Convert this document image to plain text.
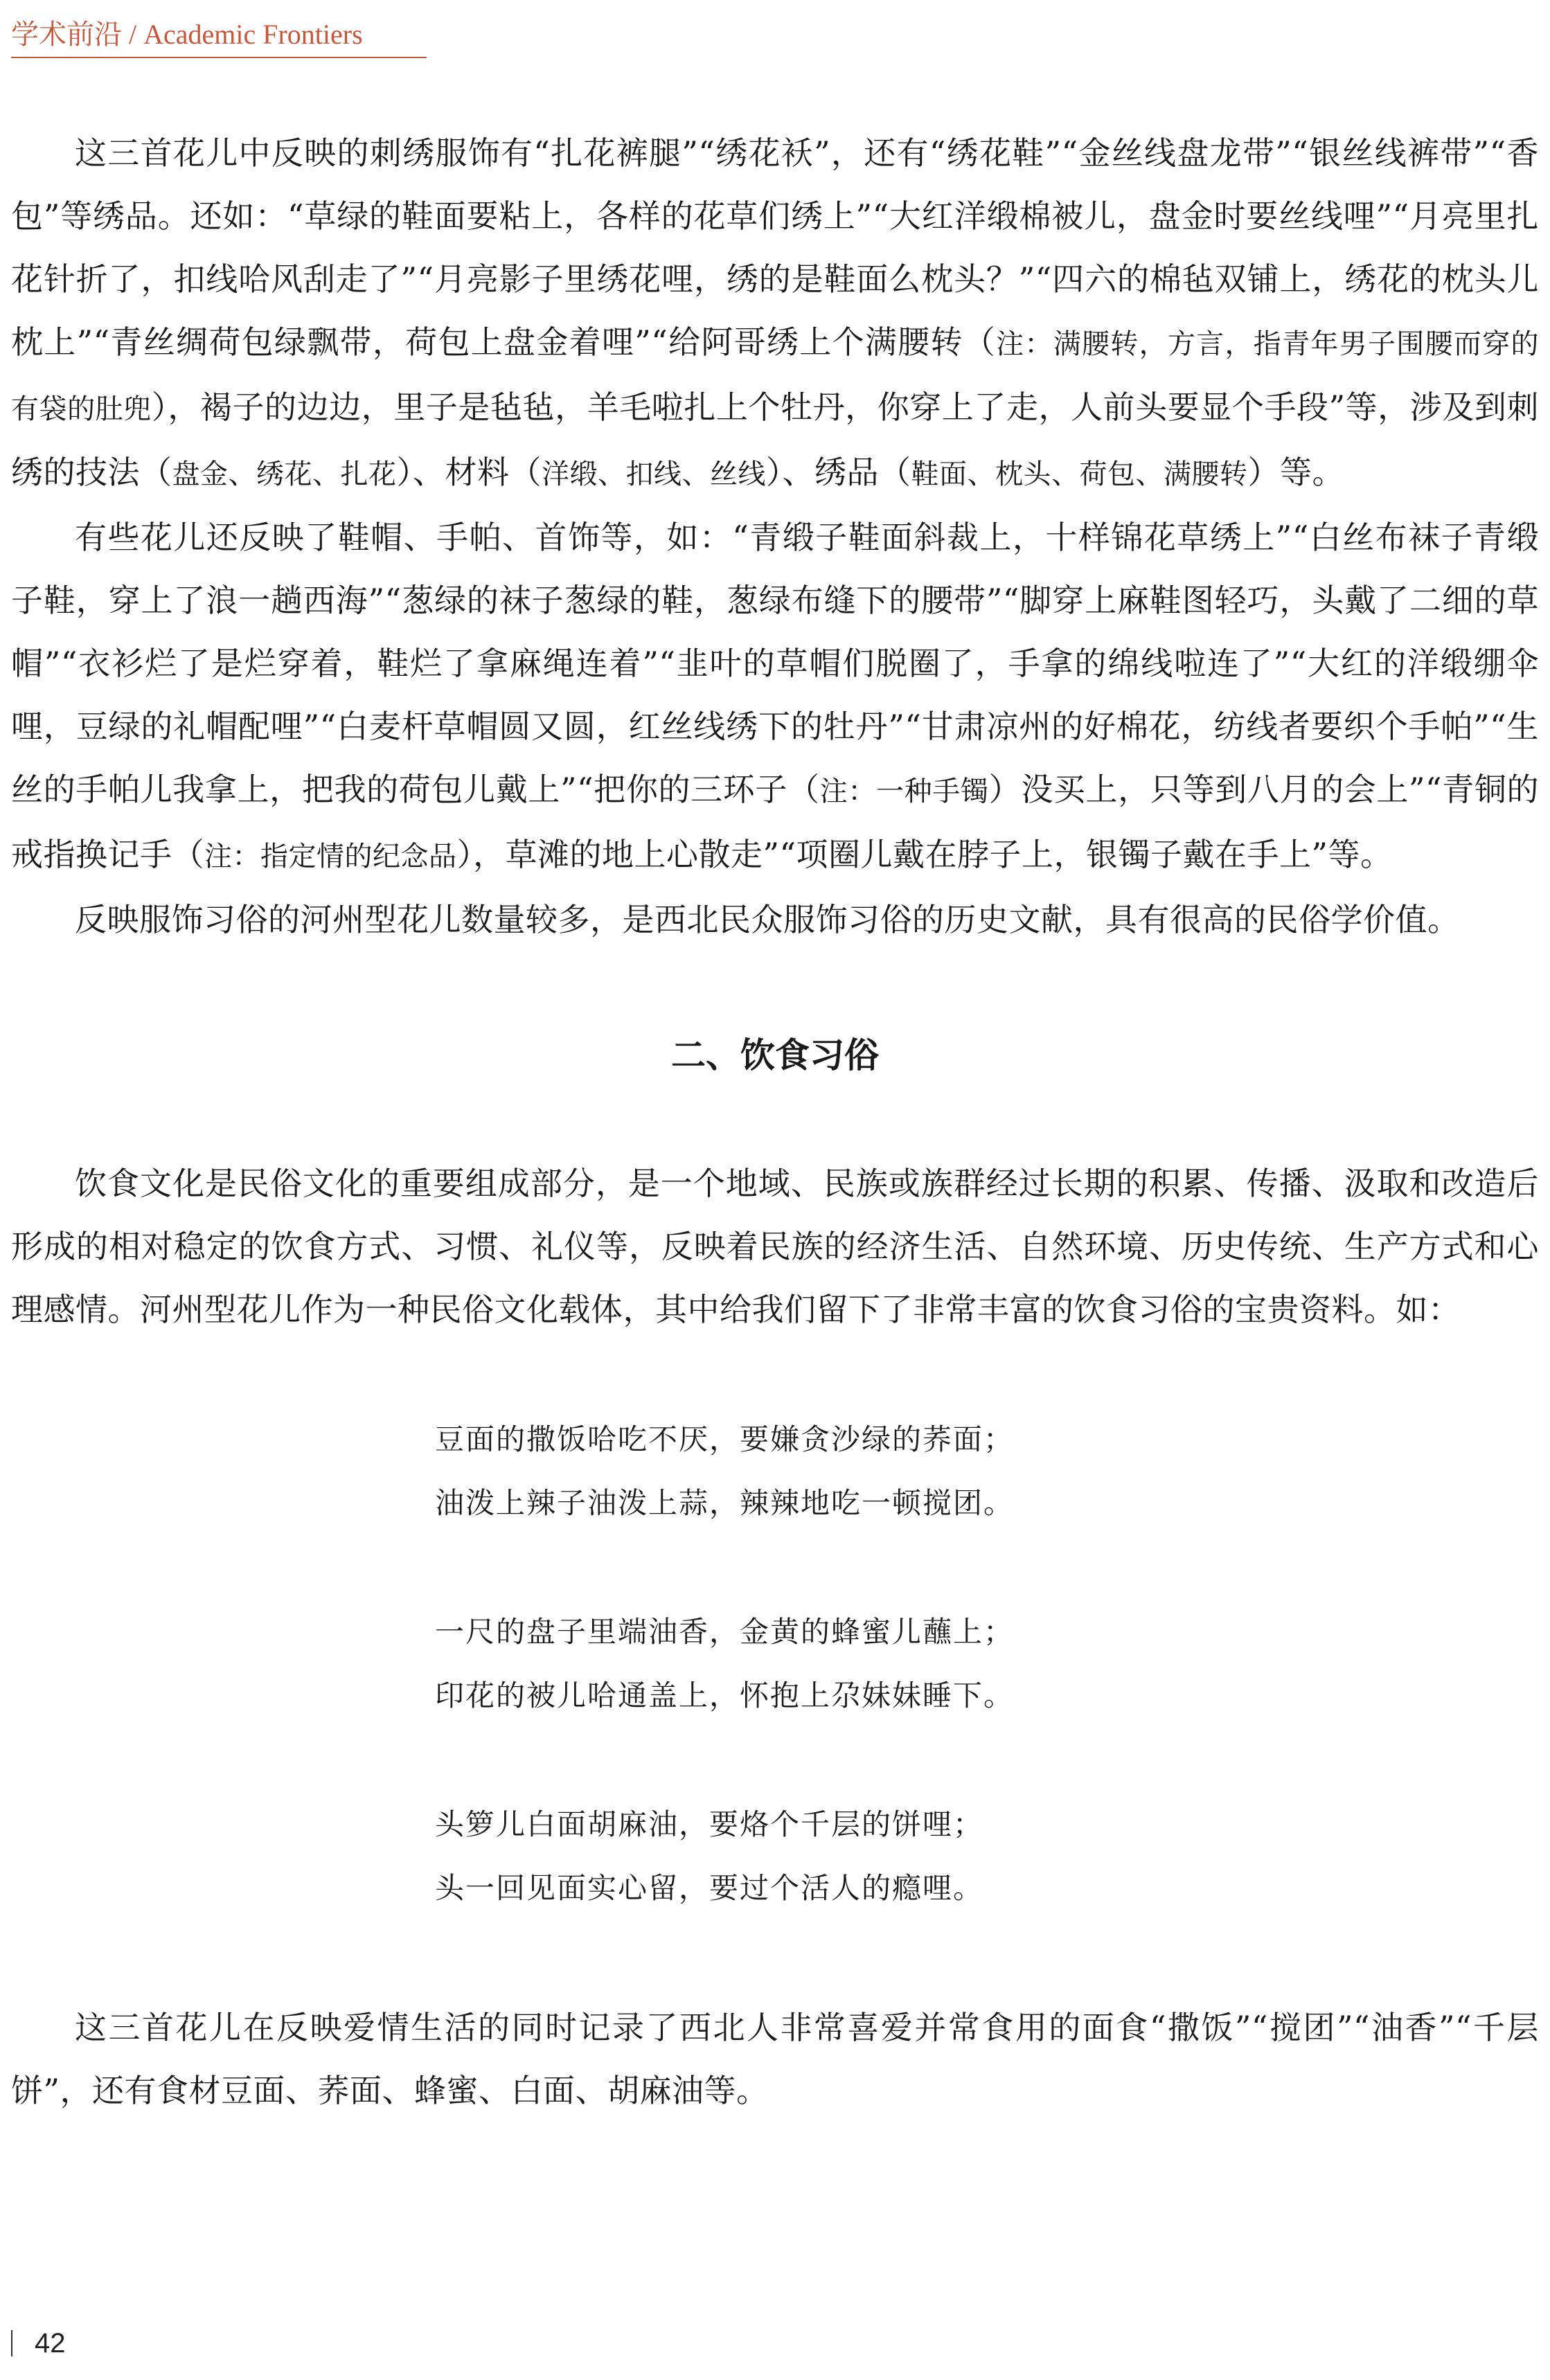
学术前沿 / Academic Frontiers

这三首花儿中反映的刺绣服饰有“扎花裤腿”“绣花袄”，还有“绣花鞋”“金丝线盘龙带”“银丝线裤带”“香包”等绣品。还如：“草绿的鞋面要粘上，各样的花草们绣上”“大红洋缎棉被儿，盘金时要丝线哩”“月亮里扎花针折了，扣线哈风刮走了”“月亮影子里绣花哩，绣的是鞋面么枕头？”“四六的棉毡双铺上，绣花的枕头儿枕上”“青丝绸荷包绿飘带，荷包上盘金着哩”“给阿哥绣上个满腰转（注：满腰转，方言，指青年男子围腰而穿的有袋的肚兜），褐子的边边，里子是毡毡，羊毛啦扎上个牡丹，你穿上了走，人前头要显个手段”等，涉及到刺绣的技法（盘金、绣花、扎花）、材料（洋缎、扣线、丝线）、绣品（鞋面、枕头、荷包、满腰转）等。

有些花儿还反映了鞋帽、手帕、首饰等，如：“青缎子鞋面斜裁上，十样锦花草绣上”“白丝布袜子青缎子鞋，穿上了浪一趟西海”“葱绿的袜子葱绿的鞋，葱绿布缝下的腰带”“脚穿上麻鞋图轻巧，头戴了二细的草帽”“衣衫烂了是烂穿着，鞋烂了拿麻绳连着”“韭叶的草帽们脱圈了，手拿的绵线啦连了”“大红的洋缎绷伞哩，豆绿的礼帽配哩”“白麦杆草帽圆又圆，红丝线绣下的牡丹”“甘肃凉州的好棉花，纺线者要织个手帕”“生丝的手帕儿我拿上，把我的荷包儿戴上”“把你的三环子（注：一种手镯）没买上，只等到八月的会上”“青铜的戒指换记手（注：指定情的纪念品），草滩的地上心散走”“项圈儿戴在脖子上，银镯子戴在手上”等。

反映服饰习俗的河州型花儿数量较多，是西北民众服饰习俗的历史文献，具有很高的民俗学价值。

二、饮食习俗

饮食文化是民俗文化的重要组成部分，是一个地域、民族或族群经过长期的积累、传播、汲取和改造后形成的相对稳定的饮食方式、习惯、礼仪等，反映着民族的经济生活、自然环境、历史传统、生产方式和心理感情。河州型花儿作为一种民俗文化载体，其中给我们留下了非常丰富的饮食习俗的宝贵资料。如：

豆面的撒饭哈吃不厌，要嫌贪沙绿的荞面；
油泼上辣子油泼上蒜，辣辣地吃一顿搅团。
一尺的盘子里端油香，金黄的蜂蜜儿蘸上；
印花的被儿哈通盖上，怀抱上尕妹妹睡下。
头箩儿白面胡麻油，要烙个千层的饼哩；
头一回见面实心留，要过个活人的瘾哩。

这三首花儿在反映爱情生活的同时记录了西北人非常喜爱并常食用的面食“撒饭”“搅团”“油香”“千层饼”，还有食材豆面、荞面、蜂蜜、白面、胡麻油等。

42
